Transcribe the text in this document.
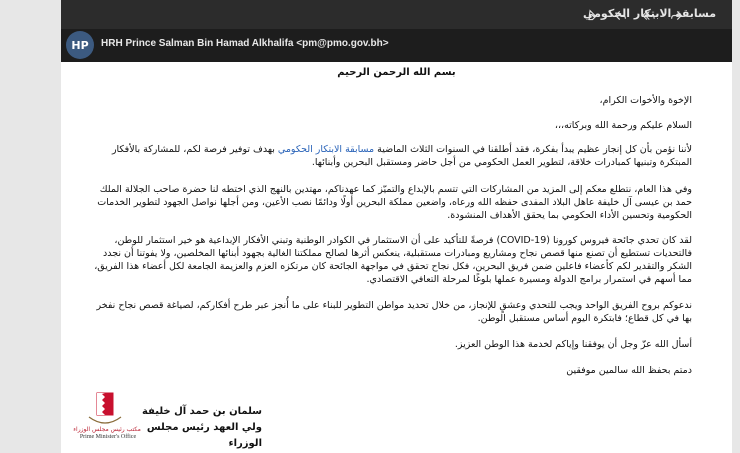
مسابقة الابتكار الحكومي
HP	HRH Prince Salman Bin Hamad Alkhalifa <pm@pmo.gov.bh>
بسم الله الرحمن الرحيم

الإخوة والأخوات الكرام،

السلام عليكم ورحمة الله وبركاته،،،

لأننا نؤمن بأن كل إنجاز عظيم يبدأ بفكرة، فقد أطلقنا في السنوات الثلاث الماضية مسابقة الابتكار الحكومي بهدف توفير فرصة لكم، للمشاركة بالأفكار المبتكرة وتبنيها كمبادرات خلاقة، لتطوير العمل الحكومي من أجل حاضر ومستقبل البحرين وأبنائها.

وفي هذا العام، نتطلع معكم إلى المزيد من المشاركات التي تتسم بالإبداع والتميّز كما عهدناكم، مهتدين بالنهج الذي اختطه لنا حضرة صاحب الجلالة الملك حمد بن عيسى آل خليفة عاهل البلاد المفدى حفظه الله ورعاه، واضعين مملكة البحرين أولًا ودائمًا نصب الأعين، ومن أجلها نواصل الجهود لتطوير الخدمات الحكومية وتحسين الأداء الحكومي بما يحقق الأهداف المنشودة.

لقد كان تحدي جائحة فيروس كورونا (COVID-19) فرصةً للتأكيد على أن الاستثمار في الكوادر الوطنية وتبني الأفكار الإبداعية هو خير استثمار للوطن، فالتحديات تستطيع أن تصنع منها قصص نجاح ومشاريع ومبادرات مستقبلية، ينعكس أثرها لصالح مملكتنا الغالية بجهود أبنائها المخلصين، ولا يفوتنا أن نجدد الشكر والتقدير لكم كأعضاء فاعلين ضمن فريق البحرين، فكل نجاح تحقق في مواجهة الجائحة كان مرتكزه العزم والعزيمة الجامعة لكل أعضاء هذا الفريق، مما أسهم في استمرار برامج الدولة ومسيرة عملها بلوغًا لمرحلة التعافي الاقتصادي.

ندعوكم بروح الفريق الواحد ويجب للتحدي وعشقٍ للإنجاز، من خلال تحديد مواطن التطوير للبناء على ما أُنجز عبر طرح أفكاركم، لصياغة قصص نجاح نفخر بها في كل قطاع؛ فابتكرة اليوم أساس مستقبل الوطن.

أسأل الله عزّ وجل أن يوفقنا وإياكم لخدمة هذا الوطن العزيز.

دمتم بحفظ الله سالمين موفقين

سلمان بن حمد آل خليفة
ولي العهد رئيس مجلس الوزراء
مكتب رئيس مجلس الوزراء
Prime Minister's Office
